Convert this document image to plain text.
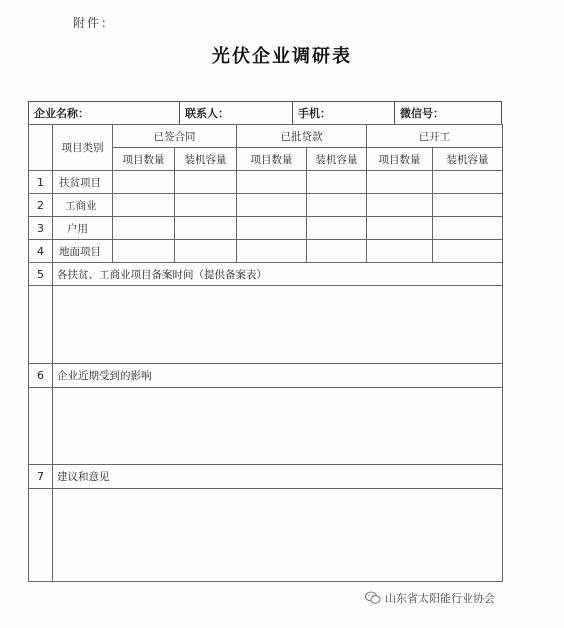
附件：
光伏企业调研表
企业名称：	联系人：	手机：	微信号：
	项目类别	已签合同		已批贷款		已开工	
		项目数量	装机容量	项目数量	装机容量	项目数量	装机容量
1	扶贫项目						
2	工商业						
3	户用						
4	地面项目						
5	各扶贫、工商业项目备案时间（提供备案表）						

6	企业近期受到的影响						

7	建议和意见						

山东省太阳能行业协会
